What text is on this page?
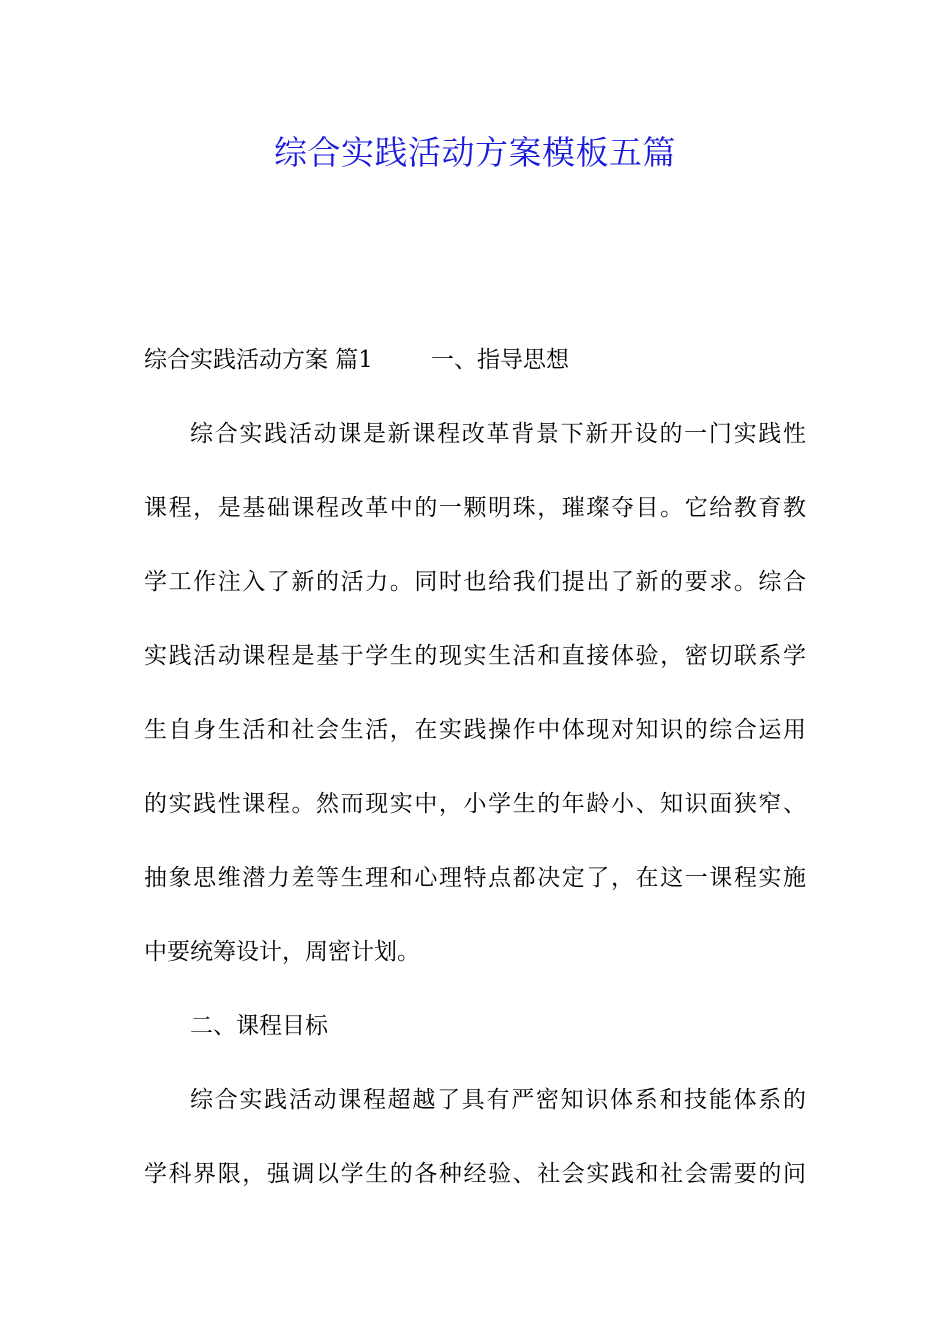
综合实践活动方案模板五篇
综合实践活动方案 篇1	一、指导思想
综合实践活动课是新课程改革背景下新开设的一门实践性
课程，是基础课程改革中的一颗明珠，璀璨夺目。它给教育教
学工作注入了新的活力。同时也给我们提出了新的要求。综合
实践活动课程是基于学生的现实生活和直接体验，密切联系学
生自身生活和社会生活，在实践操作中体现对知识的综合运用
的实践性课程。然而现实中，小学生的年龄小、知识面狭窄、
抽象思维潜力差等生理和心理特点都决定了，在这一课程实施
中要统筹设计，周密计划。
二、课程目标
综合实践活动课程超越了具有严密知识体系和技能体系的
学科界限，强调以学生的各种经验、社会实践和社会需要的问
